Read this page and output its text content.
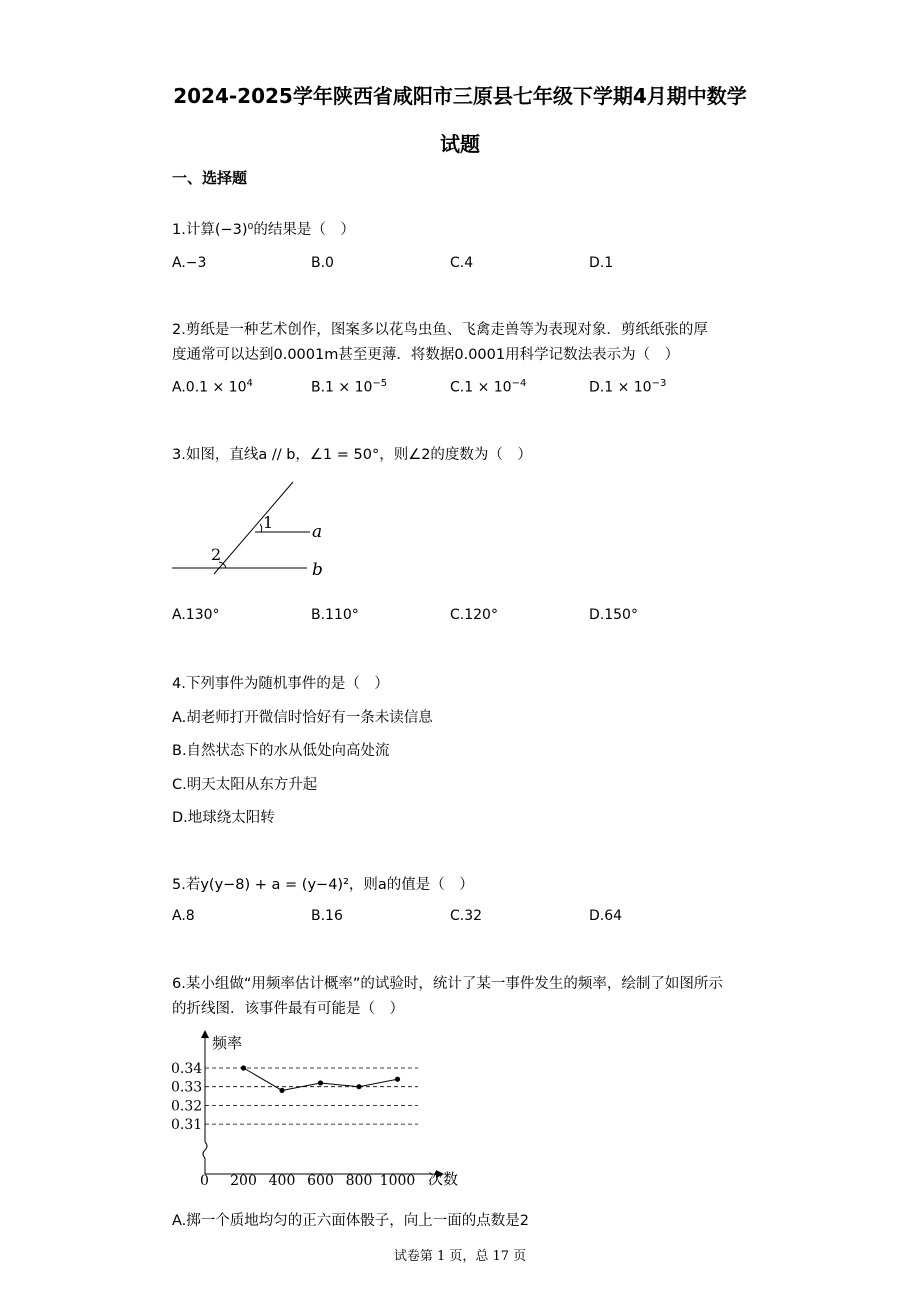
2024-2025学年陕西省咸阳市三原县七年级下学期4月期中数学
试题
一、选择题
1.计算(−3)⁰的结果是（　）
A.−3	B.0	C.4	D.1
2.剪纸是一种艺术创作，图案多以花鸟虫鱼、飞禽走兽等为表现对象．剪纸纸张的厚
度通常可以达到0.0001m甚至更薄．将数据0.0001用科学记数法表示为（　）
$A.0.1 \times 10^4$	$B.1 \times 10^{-5}$	$C.1 \times 10^{-4}$	$D.1 \times 10^{-3}$
3.如图，直线a // b，∠1 = 50°，则∠2的度数为（　）
1
2
a
b
A.130°	B.110°	C.120°	D.150°
4.下列事件为随机事件的是（　）
A.胡老师打开微信时恰好有一条未读信息
B.自然状态下的水从低处向高处流
C.明天太阳从东方升起
D.地球绕太阳转
5.若y(y−8) + a = (y−4)²，则a的值是（　）
A.8	B.16	C.32	D.64
6.某小组做“用频率估计概率”的试验时，统计了某一事件发生的频率，绘制了如图所示
的折线图．该事件最有可能是（　）
0.34
0.33
0.32
0.31
200 400 600 800 1000
频率
次数
0
A.掷一个质地均匀的正六面体骰子，向上一面的点数是2
试卷第 1 页，总 17 页
